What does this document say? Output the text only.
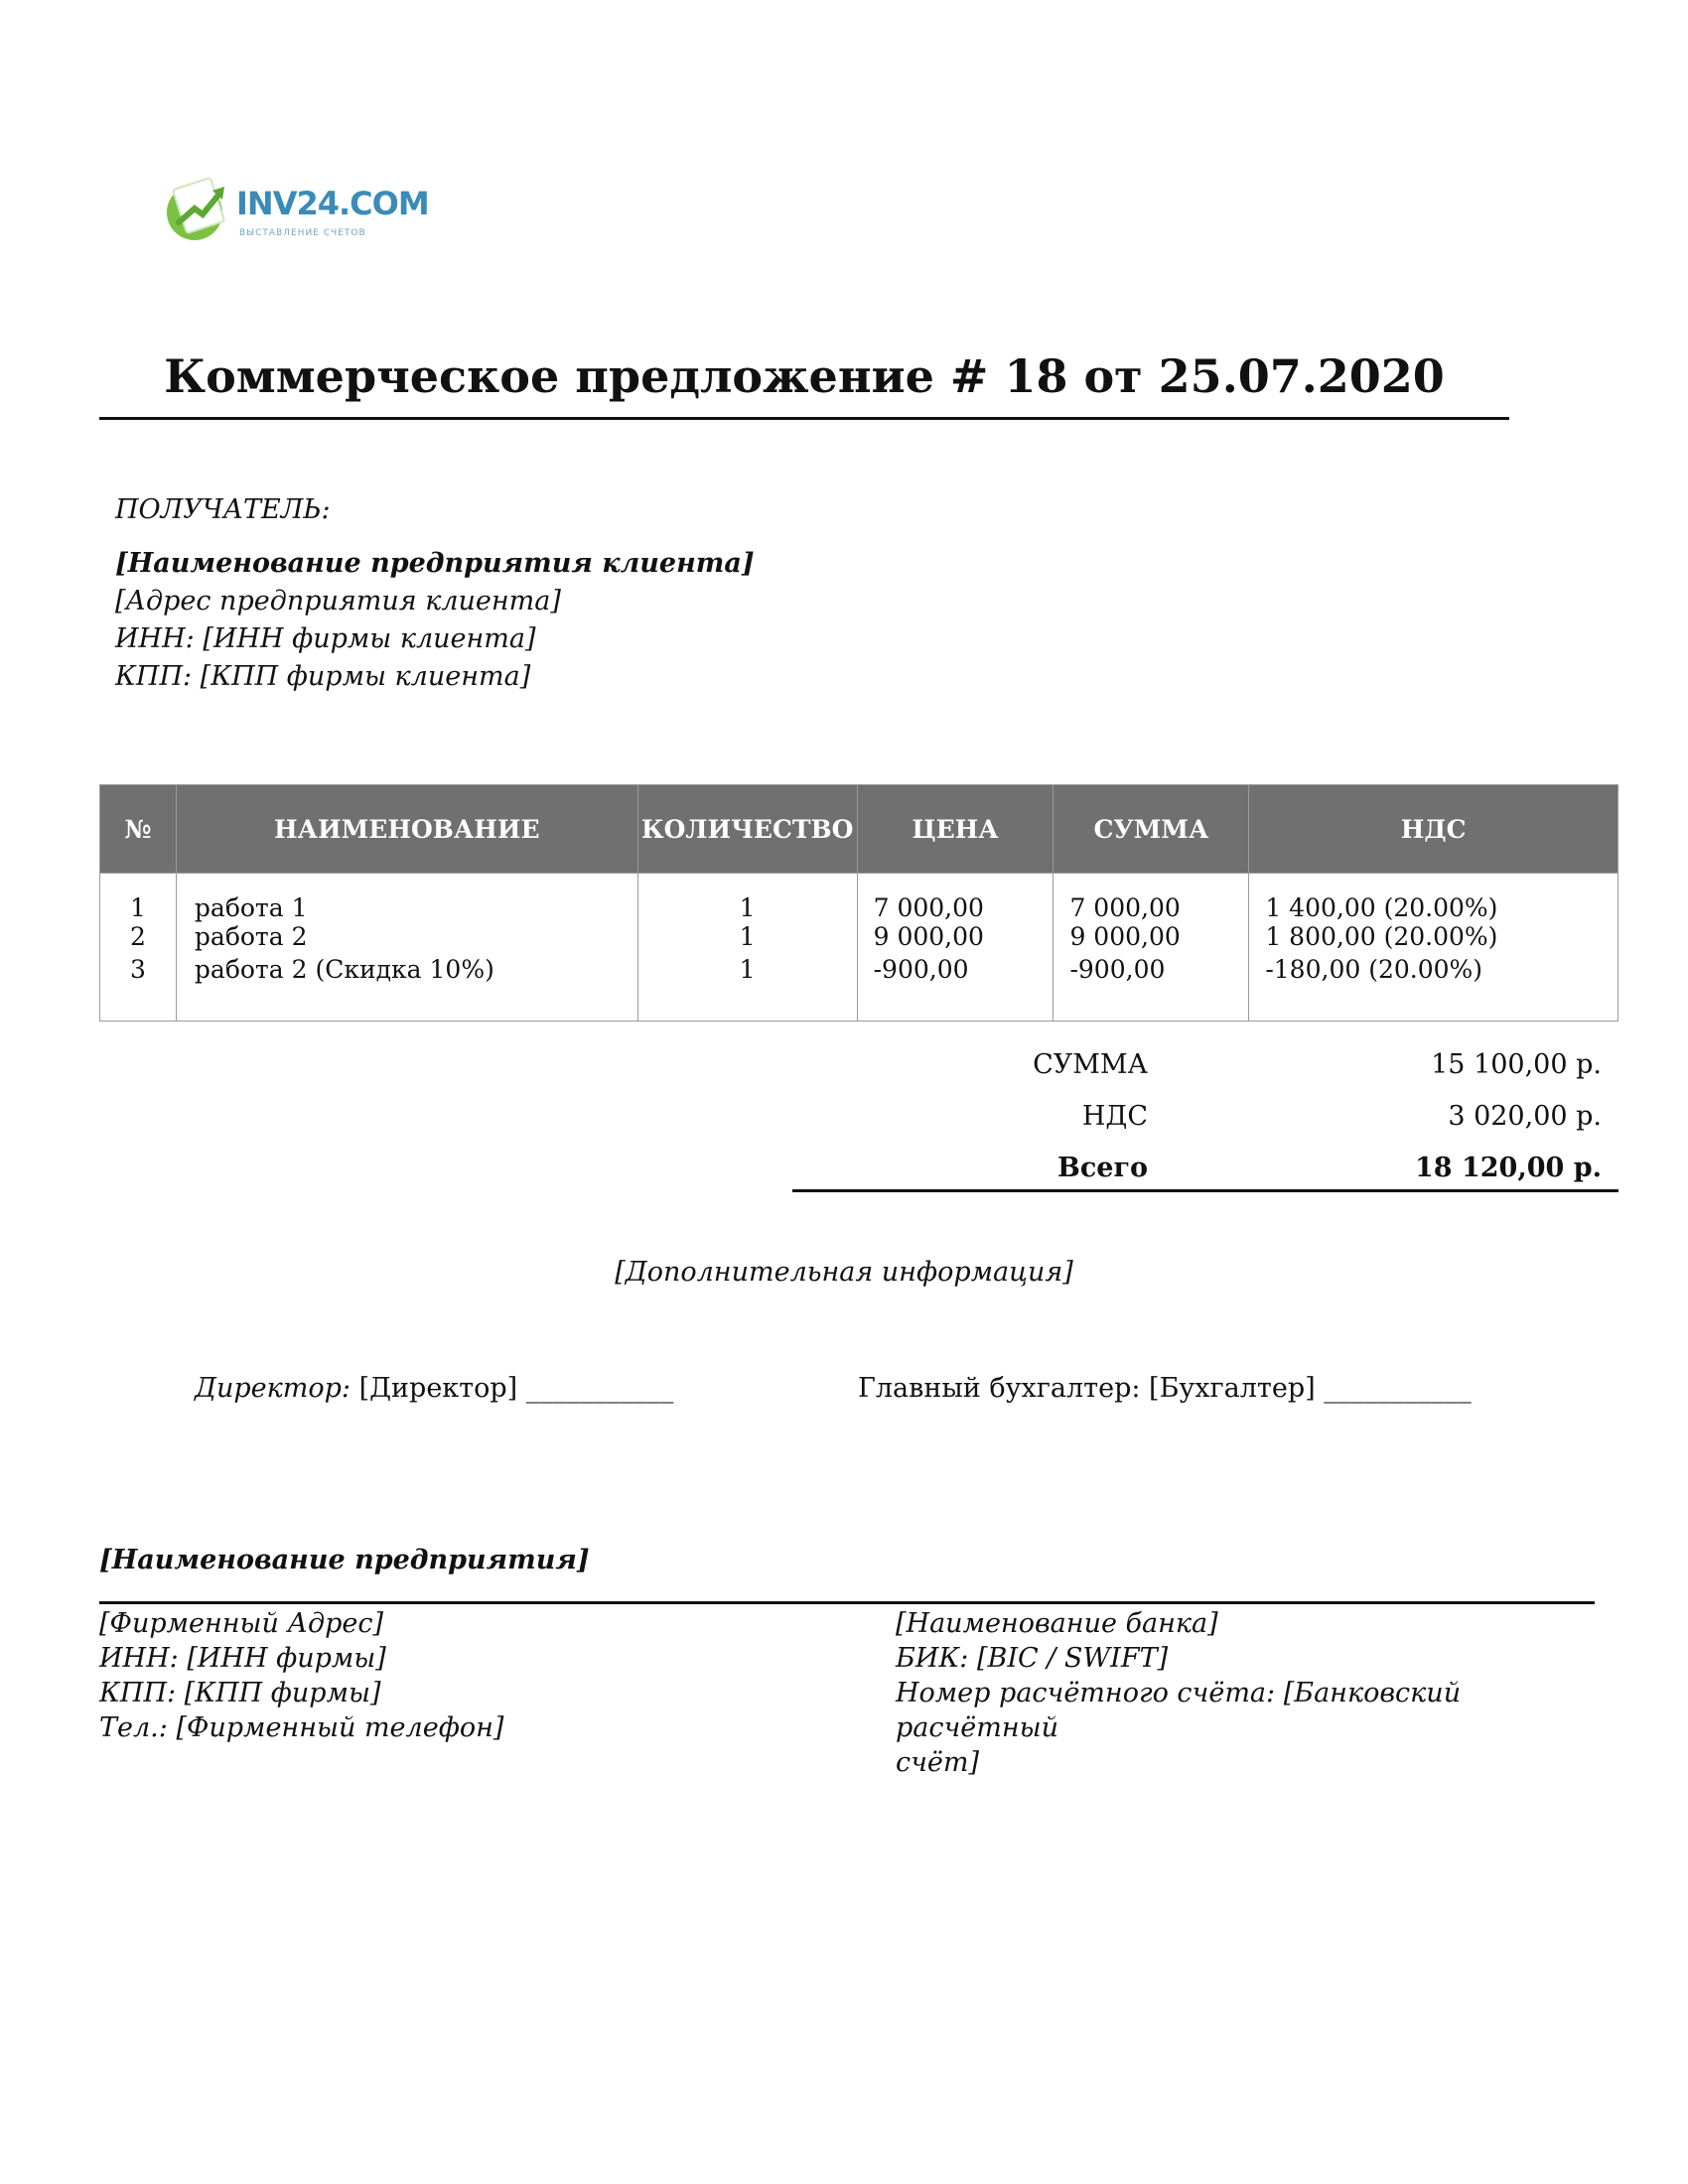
INV24.COM
ВЫСТАВЛЕНИЕ СЧЕТОВ
Коммерческое предложение # 18 от 25.07.2020
ПОЛУЧАТЕЛЬ:
[Наименование предприятия клиента]
[Адрес предприятия клиента]
ИНН: [ИНН фирмы клиента]
КПП: [КПП фирмы клиента]
№	НАИМЕНОВАНИЕ	КОЛИЧЕСТВО	ЦЕНА	СУММА	НДС
1	работа 1	1	7 000,00	7 000,00	1 400,00 (20.00%)
2	работа 2	1	9 000,00	9 000,00	1 800,00 (20.00%)
3	работа 2 (Скидка 10%)	1	-900,00	-900,00	-180,00 (20.00%)

СУММА	15 100,00 р.
НДС	3 020,00 р.
Всего	18 120,00 р.
[Дополнительная информация]
Директор: [Директор] ___________	Главный бухгалтер: [Бухгалтер] ___________
[Наименование предприятия]
[Фирменный Адрес]
ИНН: [ИНН фирмы]
КПП: [КПП фирмы]
Тел.: [Фирменный телефон]
[Наименование банка]
БИК: [BIC / SWIFT]
Номер расчётного счёта: [Банковский расчётный
счёт]
